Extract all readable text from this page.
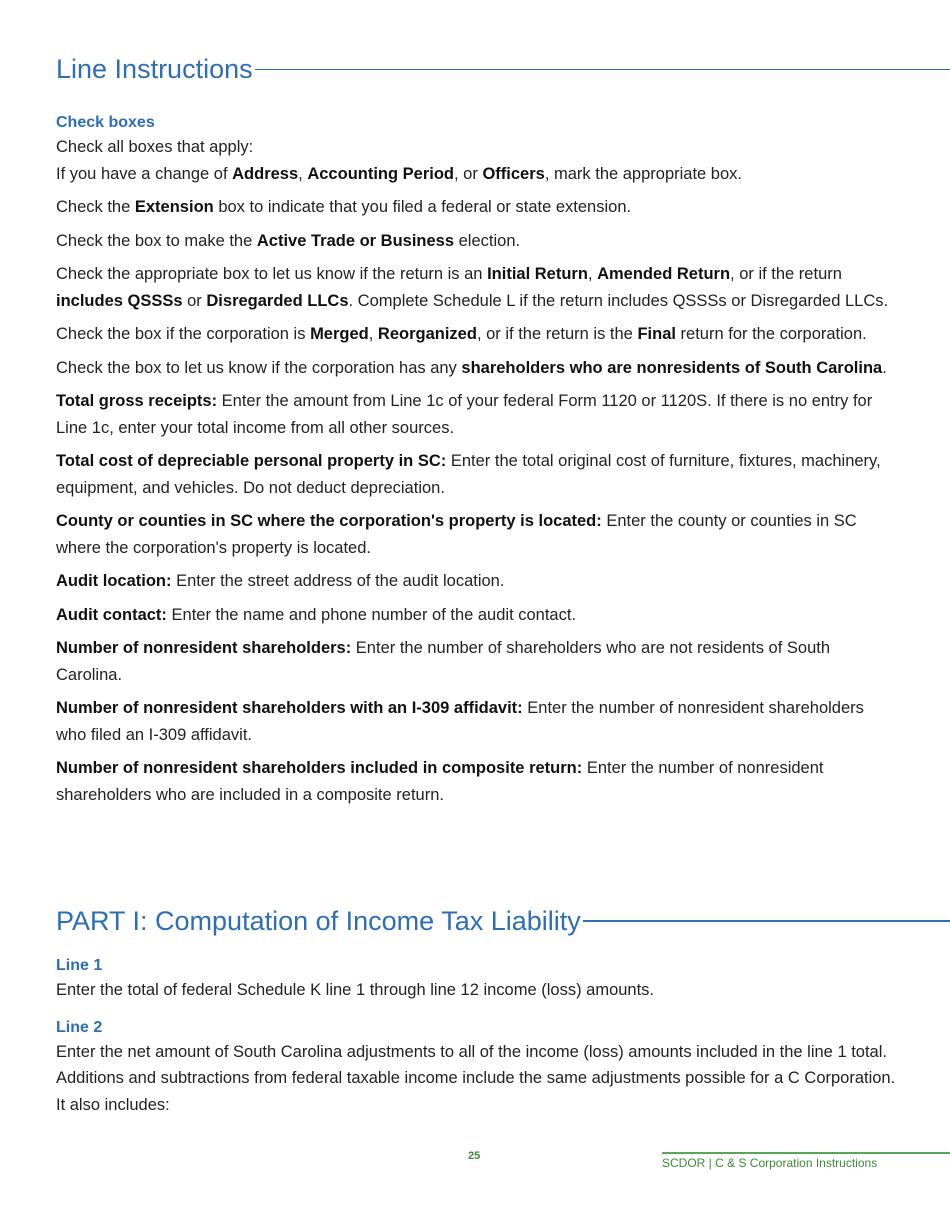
Line Instructions
Check boxes

Check all boxes that apply:

If you have a change of Address, Accounting Period, or Officers, mark the appropriate box.

Check the Extension box to indicate that you filed a federal or state extension.

Check the box to make the Active Trade or Business election.

Check the appropriate box to let us know if the return is an Initial Return, Amended Return, or if the return includes QSSSs or Disregarded LLCs. Complete Schedule L if the return includes QSSSs or Disregarded LLCs.

Check the box if the corporation is Merged, Reorganized, or if the return is the Final return for the corporation.

Check the box to let us know if the corporation has any shareholders who are nonresidents of South Carolina.

Total gross receipts: Enter the amount from Line 1c of your federal Form 1120 or 1120S. If there is no entry for Line 1c, enter your total income from all other sources.

Total cost of depreciable personal property in SC: Enter the total original cost of furniture, fixtures, machinery, equipment, and vehicles. Do not deduct depreciation.

County or counties in SC where the corporation's property is located: Enter the county or counties in SC where the corporation's property is located.

Audit location: Enter the street address of the audit location.

Audit contact: Enter the name and phone number of the audit contact.

Number of nonresident shareholders: Enter the number of shareholders who are not residents of South Carolina.

Number of nonresident shareholders with an I-309 affidavit: Enter the number of nonresident shareholders who filed an I-309 affidavit.

Number of nonresident shareholders included in composite return: Enter the number of nonresident shareholders who are included in a composite return.

PART I: Computation of Income Tax Liability
Line 1

Enter the total of federal Schedule K line 1 through line 12 income (loss) amounts.

Line 2

Enter the net amount of South Carolina adjustments to all of the income (loss) amounts included in the line 1 total. Additions and subtractions from federal taxable income include the same adjustments possible for a C Corporation. It also includes:

25	SCDOR | C & S Corporation Instructions
